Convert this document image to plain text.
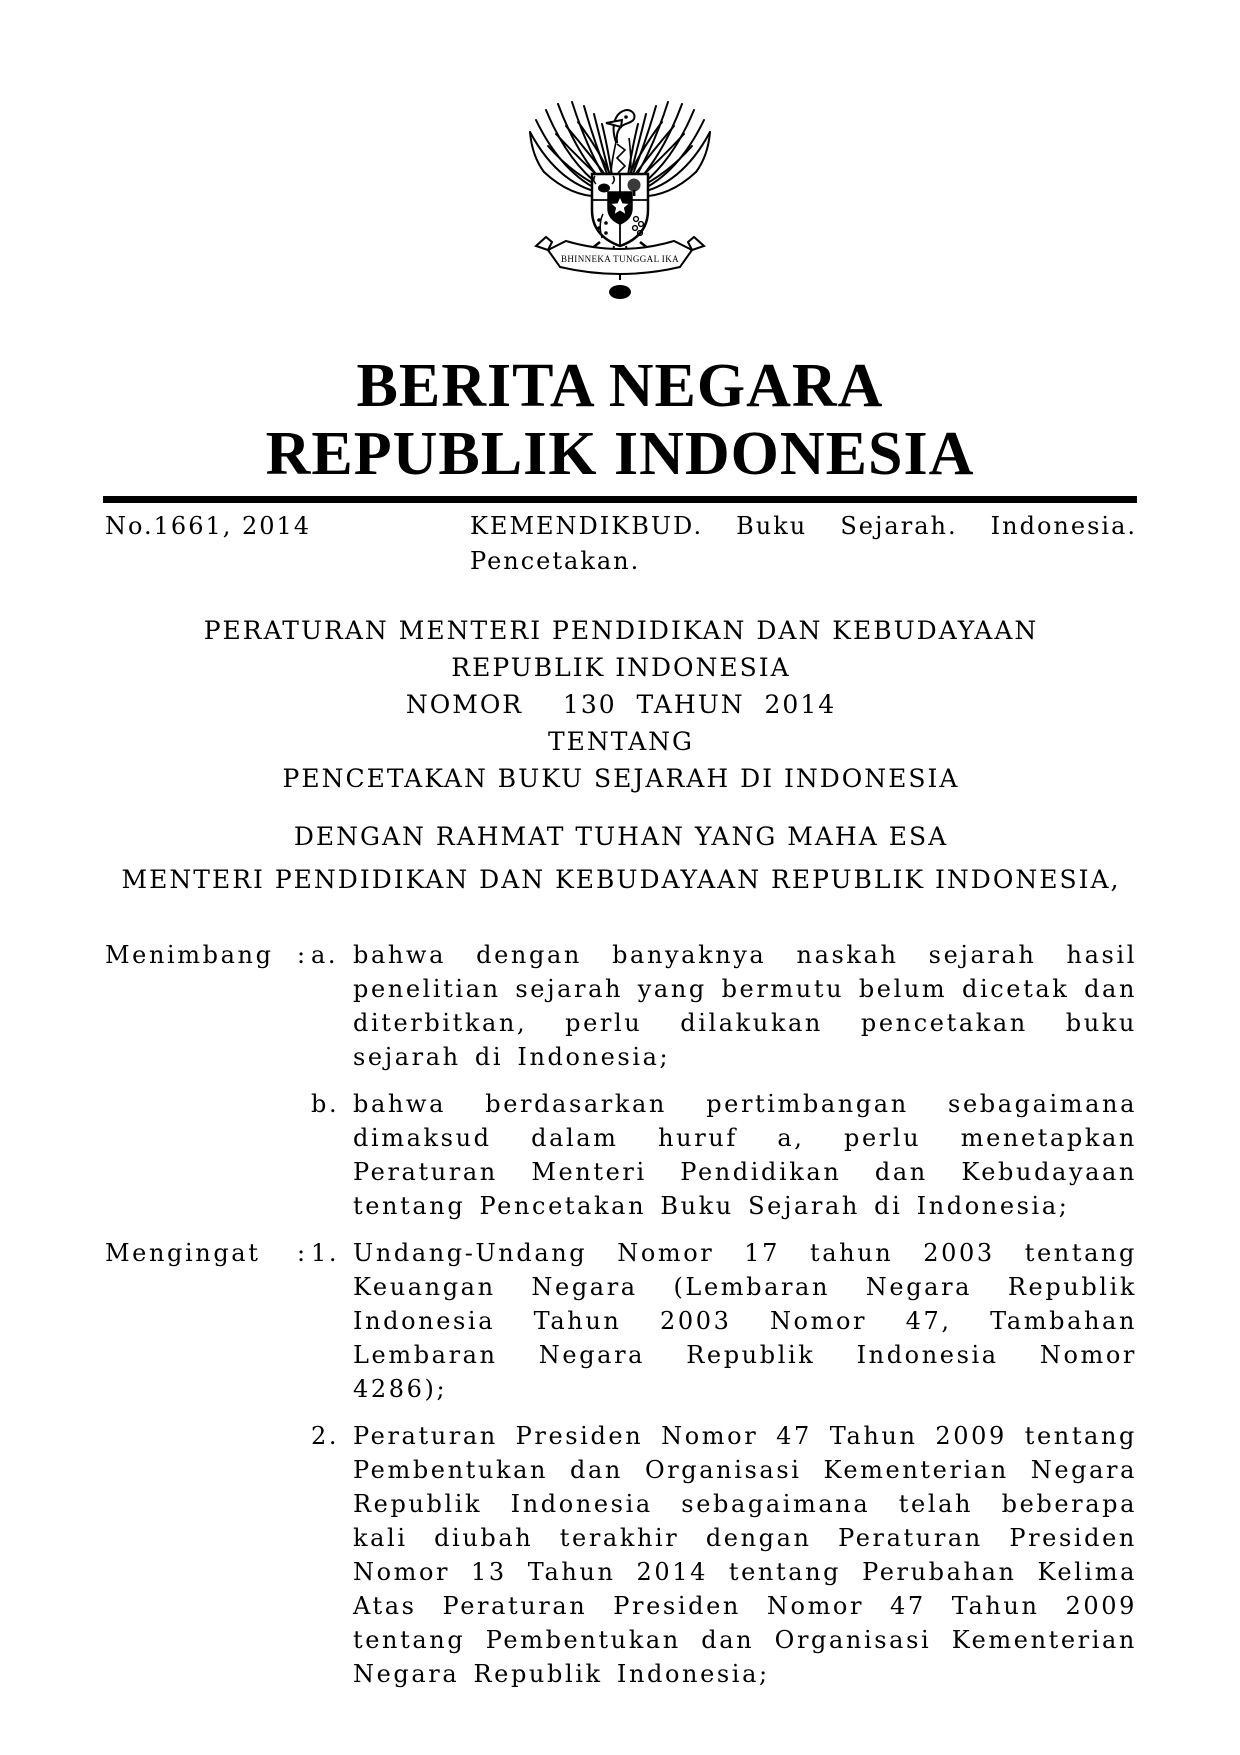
BHINNEKA TUNGGAL IKA
BERITA NEGARA
REPUBLIK INDONESIA
No.1661, 2014	KEMENDIKBUD. Buku Sejarah. Indonesia.
Pencetakan.
PERATURAN MENTERI PENDIDIKAN DAN KEBUDAYAAN
REPUBLIK INDONESIA
NOMOR    130  TAHUN  2014
TENTANG
PENCETAKAN BUKU SEJARAH DI INDONESIA
DENGAN RAHMAT TUHAN YANG MAHA ESA
MENTERI PENDIDIKAN DAN KEBUDAYAAN REPUBLIK INDONESIA,
Menimbang : a. bahwa dengan banyaknya naskah sejarah hasil penelitian sejarah yang bermutu belum dicetak dan diterbitkan, perlu dilakukan pencetakan buku sejarah di Indonesia;
b. bahwa berdasarkan pertimbangan sebagaimana dimaksud dalam huruf a, perlu menetapkan Peraturan Menteri Pendidikan dan Kebudayaan tentang Pencetakan Buku Sejarah di Indonesia;
Mengingat	: 1. Undang-Undang Nomor 17 tahun 2003 tentang Keuangan Negara (Lembaran Negara Republik Indonesia Tahun 2003 Nomor 47, Tambahan Lembaran Negara Republik Indonesia Nomor 4286);
2. Peraturan Presiden Nomor 47 Tahun 2009 tentang Pembentukan dan Organisasi Kementerian Negara Republik Indonesia sebagaimana telah beberapa kali diubah terakhir dengan Peraturan Presiden Nomor 13 Tahun 2014 tentang Perubahan Kelima Atas Peraturan Presiden Nomor 47 Tahun 2009 tentang Pembentukan dan Organisasi Kementerian Negara Republik Indonesia;
